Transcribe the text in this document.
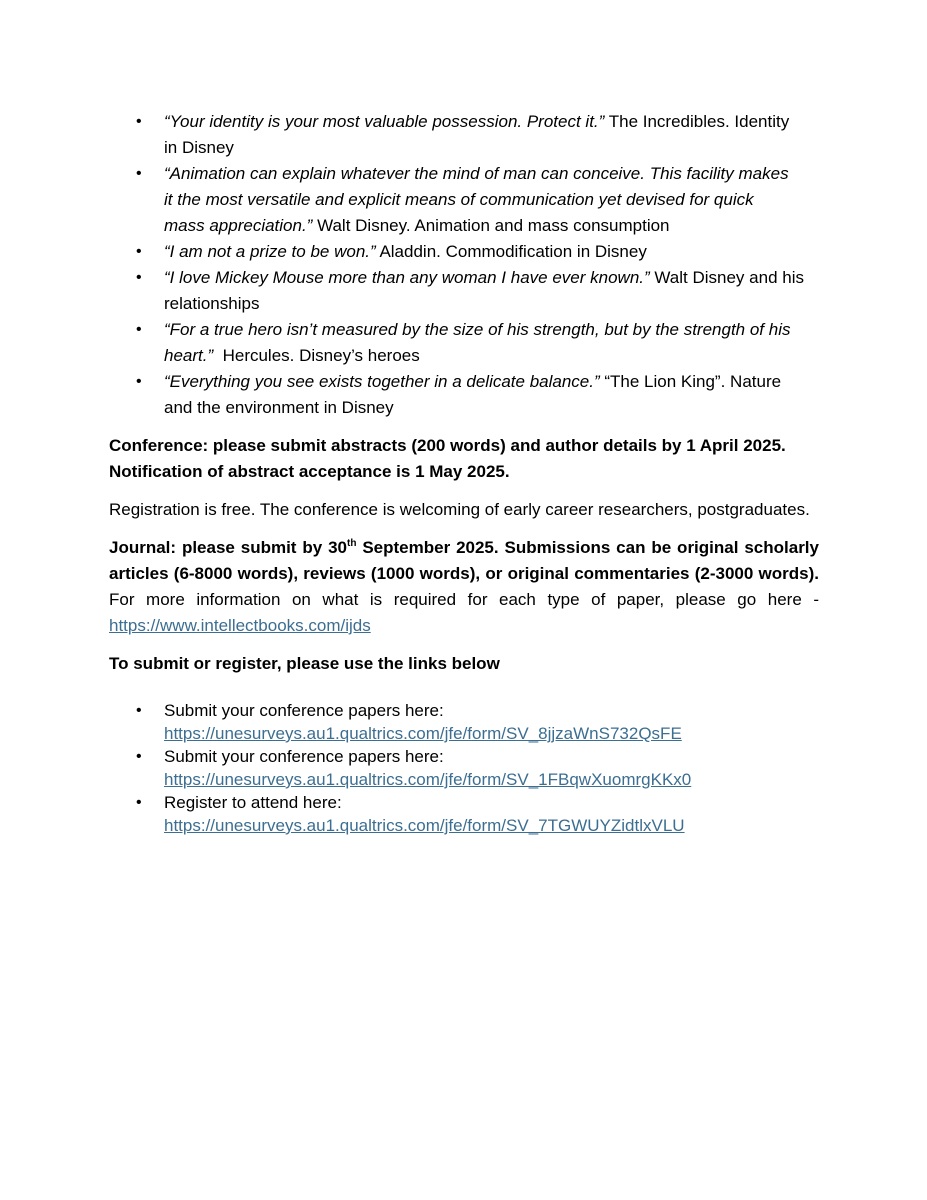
• “Your identity is your most valuable possession. Protect it.” The Incredibles. Identity
in Disney
• “Animation can explain whatever the mind of man can conceive. This facility makes
it the most versatile and explicit means of communication yet devised for quick
mass appreciation.” Walt Disney. Animation and mass consumption
• “I am not a prize to be won.” Aladdin. Commodification in Disney
• “I love Mickey Mouse more than any woman I have ever known.” Walt Disney and his
relationships
• “For a true hero isn’t measured by the size of his strength, but by the strength of his
heart.”  Hercules. Disney’s heroes
• “Everything you see exists together in a delicate balance.” “The Lion King”. Nature
and the environment in Disney

Conference: please submit abstracts (200 words) and author details by 1 April 2025.
Notification of abstract acceptance is 1 May 2025.

Registration is free. The conference is welcoming of early career researchers, postgraduates.

Journal: please submit by 30th September 2025. Submissions can be original scholarly

articles (6-8000 words), reviews (1000 words), or original commentaries (2-3000 words).

For more information on what is required for each type of paper, please go here -

https://www.intellectbooks.com/ijds

To submit or register, please use the links below

• Submit your conference papers here:
https://unesurveys.au1.qualtrics.com/jfe/form/SV_8jjzaWnS732QsFE
• Submit your conference papers here:
https://unesurveys.au1.qualtrics.com/jfe/form/SV_1FBqwXuomrgKKx0
• Register to attend here:
https://unesurveys.au1.qualtrics.com/jfe/form/SV_7TGWUYZidtlxVLU
